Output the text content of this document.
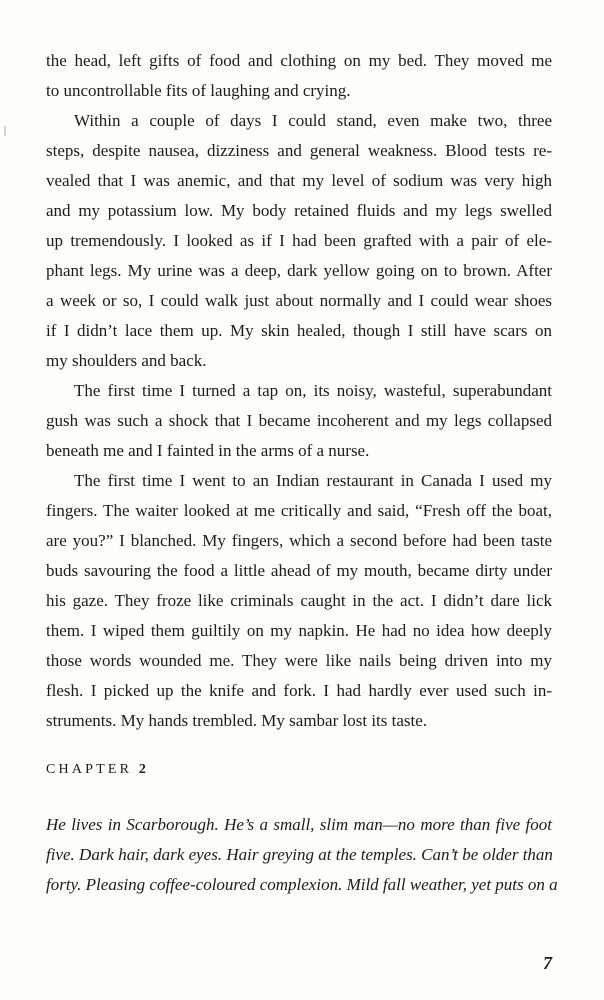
the head, left gifts of food and clothing on my bed. They moved me
to uncontrollable fits of laughing and crying.
Within a couple of days I could stand, even make two, three
steps, despite nausea, dizziness and general weakness. Blood tests re-
vealed that I was anemic, and that my level of sodium was very high
and my potassium low. My body retained fluids and my legs swelled
up tremendously. I looked as if I had been grafted with a pair of ele-
phant legs. My urine was a deep, dark yellow going on to brown. After
a week or so, I could walk just about normally and I could wear shoes
if I didn’t lace them up. My skin healed, though I still have scars on
my shoulders and back.
The first time I turned a tap on, its noisy, wasteful, superabundant
gush was such a shock that I became incoherent and my legs collapsed
beneath me and I fainted in the arms of a nurse.
The first time I went to an Indian restaurant in Canada I used my
fingers. The waiter looked at me critically and said, “Fresh off the boat,
are you?” I blanched. My fingers, which a second before had been taste
buds savouring the food a little ahead of my mouth, became dirty under
his gaze. They froze like criminals caught in the act. I didn’t dare lick
them. I wiped them guiltily on my napkin. He had no idea how deeply
those words wounded me. They were like nails being driven into my
flesh. I picked up the knife and fork. I had hardly ever used such in-
struments. My hands trembled. My sambar lost its taste.
CHAPTER 2
He lives in Scarborough. He’s a small, slim man—no more than five foot
five. Dark hair, dark eyes. Hair greying at the temples. Can’t be older than
forty. Pleasing coffee-coloured complexion. Mild fall weather, yet puts on a
7
